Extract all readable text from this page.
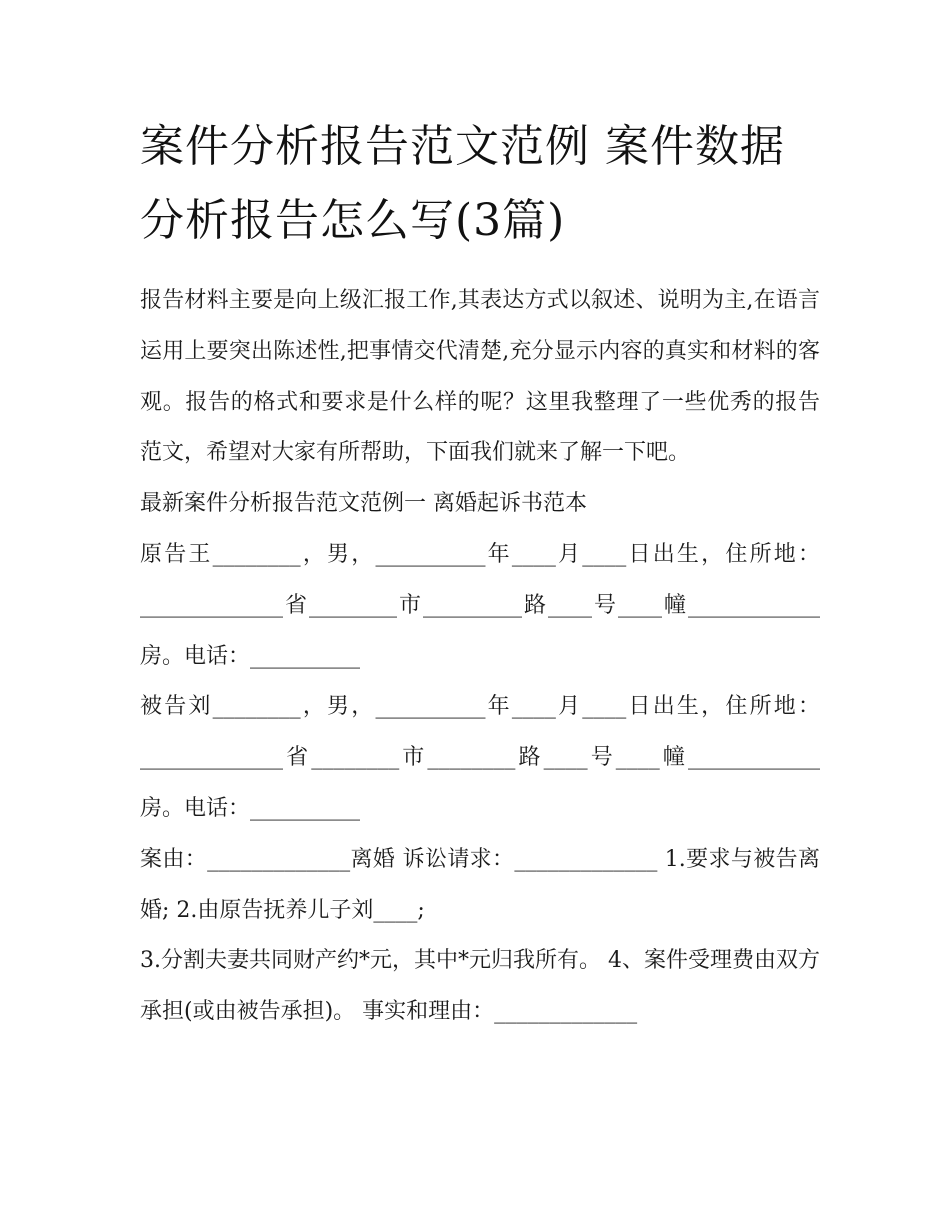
案件分析报告范文范例 案件数据分析报告怎么写(3篇)

报告材料主要是向上级汇报工作,其表达方式以叙述、说明为主,在语言运用上要突出陈述性,把事情交代清楚,充分显示内容的真实和材料的客观。报告的格式和要求是什么样的呢？这里我整理了一些优秀的报告范文，希望对大家有所帮助，下面我们就来了解一下吧。

最新案件分析报告范文范例一 离婚起诉书范本

原告王________，男，__________年____月____日出生，住所地：_____________省________市_________路____号____幢____________房。电话：__________

被告刘________，男，__________年____月____日出生，住所地：_____________省________市________路____号____幢____________房。电话：__________

案由：_____________离婚 诉讼请求：_____________ 1.要求与被告离婚; 2.由原告抚养儿子刘____;

3.分割夫妻共同财产约*元，其中*元归我所有。 4、案件受理费由双方承担(或由被告承担)。 事实和理由：_____________
